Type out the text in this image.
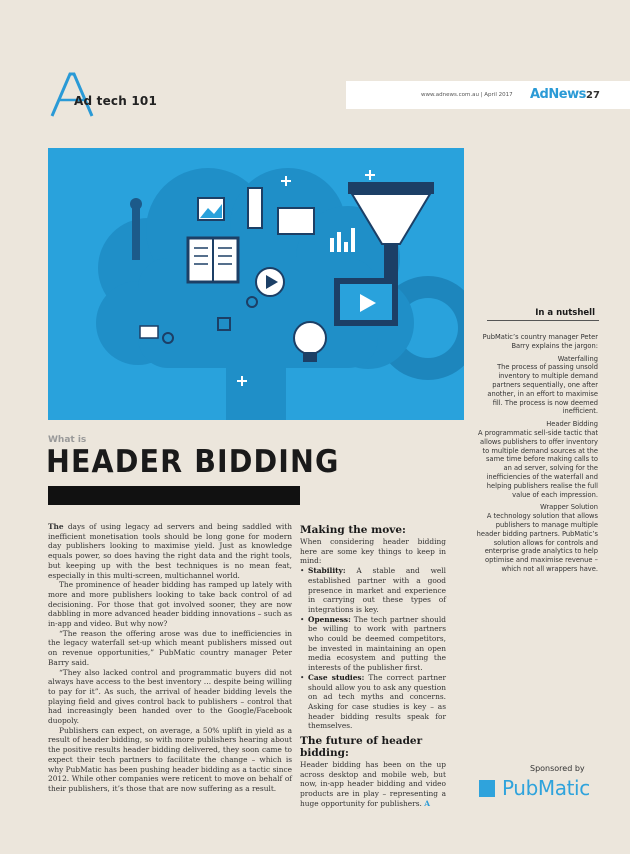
Ad tech 101	www.adnews.com.au | April 2017 AdNews 27
What is
HEADER BIDDING

The days of using legacy ad servers and being saddled with inefficient monetisation tools should be long gone for modern day publishers looking to maximise yield. Just as knowledge equals power, so does having the right data and the right tools, but keeping up with the best techniques is no mean feat, especially in this multi-screen, multichannel world.

The prominence of header bidding has ramped up lately with more and more publishers looking to take back control of ad decisioning. For those that got involved sooner, they are now dabbling in more advanced header bidding innovations – such as in-app and video. But why now?

“The reason the offering arose was due to inefficiencies in the legacy waterfall set-up which meant publishers missed out on revenue opportunities,” PubMatic country manager Peter Barry said.

“They also lacked control and programmatic buyers did not always have access to the best inventory … despite being willing to pay for it”. As such, the arrival of header bidding levels the playing field and gives control back to publishers – control that had increasingly been handed over to the Google/Facebook duopoly.

Publishers can expect, on average, a 50% uplift in yield as a result of header bidding, so with more publishers hearing about the positive results header bidding delivered, they soon came to expect their tech partners to facilitate the change – which is why PubMatic has been pushing header bidding as a tactic since 2012. While other companies were reticent to move on behalf of their publishers, it’s those that are now suffering as a result.

Making the move:

When considering header bidding here are some key things to keep in mind:

• Stability: A stable and well established partner with a good presence in market and experience in carrying out these types of integrations is key.
• Openness: The tech partner should be willing to work with partners who could be deemed competitors, be invested in maintaining an open media ecosystem and putting the interests of the publisher first.
• Case studies: The correct partner should allow you to ask any question on ad tech myths and concerns. Asking for case studies is key – as header bidding results speak for themselves.
The future of header bidding:

Header bidding has been on the up across desktop and mobile web, but now, in-app header bidding and video products are in play – representing a huge opportunity for publishers. A

In a nutshell

PubMatic’s country manager Peter Barry explains the jargon:

Waterfalling

The process of passing unsold inventory to multiple demand partners sequentially, one after another, in an effort to maximise fill. The process is now deemed inefficient.

Header Bidding

A programmatic sell-side tactic that allows publishers to offer inventory to multiple demand sources at the same time before making calls to an ad server, solving for the inefficiencies of the waterfall and helping publishers realise the full value of each impression.

Wrapper Solution

A technology solution that allows publishers to manage multiple header bidding partners. PubMatic’s solution allows for controls and enterprise grade analytics to help optimise and maximise revenue – which not all wrappers have.

Sponsored by
PubMatic
